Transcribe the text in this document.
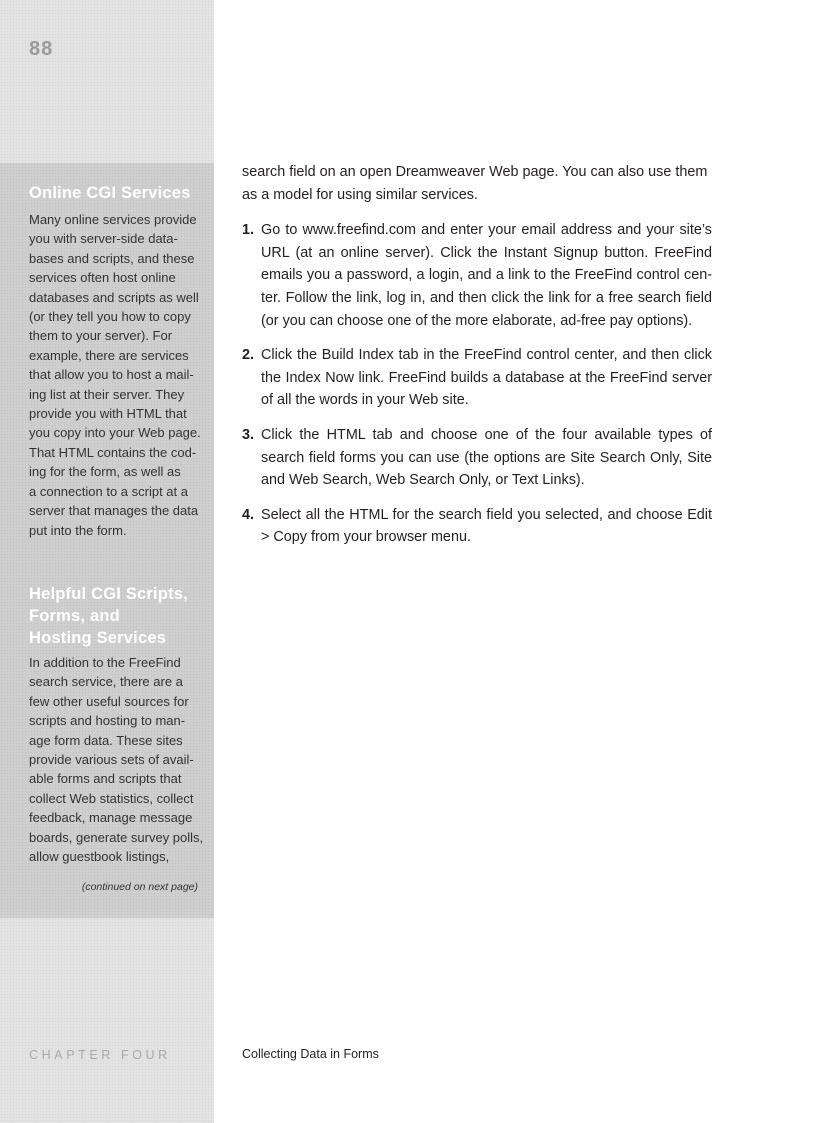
88
Online CGI Services
Many online services provide
you with server-side data-
bases and scripts, and these
services often host online
databases and scripts as well
(or they tell you how to copy
them to your server). For
example, there are services
that allow you to host a mail-
ing list at their server. They
provide you with HTML that
you copy into your Web page.
That HTML contains the cod-
ing for the form, as well as
a connection to a script at a
server that manages the data
put into the form.
Helpful CGI Scripts,
Forms, and
Hosting Services
In addition to the FreeFind
search service, there are a
few other useful sources for
scripts and hosting to man-
age form data. These sites
provide various sets of avail-
able forms and scripts that
collect Web statistics, collect
feedback, manage message
boards, generate survey polls,
allow guestbook listings,
(continued on next page)
CHAPTER FOUR

search field on an open Dreamweaver Web page. You can also use them as a model for using similar services.

1. Go to www.freefind.com and enter your email address and your site’s URL (at an online server). Click the Instant Signup button. FreeFind emails you a password, a login, and a link to the FreeFind control cen-ter. Follow the link, log in, and then click the link for a free search field (or you can choose one of the more elaborate, ad-free pay options).
2. Click the Build Index tab in the FreeFind control center, and then click the Index Now link. FreeFind builds a database at the FreeFind server of all the words in your Web site.
3. Click the HTML tab and choose one of the four available types of search field forms you can use (the options are Site Search Only, Site and Web Search, Web Search Only, or Text Links).
4. Select all the HTML for the search field you selected, and choose Edit > Copy from your browser menu.
Collecting Data in Forms
